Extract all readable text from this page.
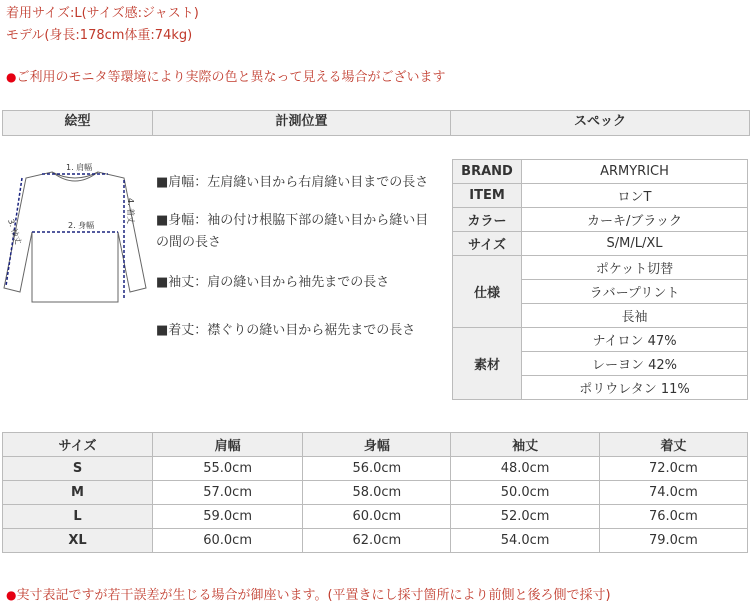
着用サイズ:L(サイズ感:ジャスト)
モデル(身長:178cm体重:74kg)
●ご利用のモニタ等環境により実際の色と異なって見える場合がございます
絵型	計測位置	スペック
1. 肩幅
2. 身幅
3. 袖丈
4. 着丈
■肩幅：左肩縫い目から右肩縫い目までの長さ
■身幅：袖の付け根脇下部の縫い目から縫い目
の間の長さ
■袖丈：肩の縫い目から袖先までの長さ
■着丈：襟ぐりの縫い目から裾先までの長さ
BRAND	ARMYRICH
ITEM	ロンT
カラー	カーキ/ブラック
サイズ	S/M/L/XL
仕様	ポケット切替
	ラバープリント
	長袖
素材	ナイロン 47%
	レーヨン 42%
	ポリウレタン 11%
サイズ	肩幅	身幅	袖丈	着丈
S	55.0cm	56.0cm	48.0cm	72.0cm
M	57.0cm	58.0cm	50.0cm	74.0cm
L	59.0cm	60.0cm	52.0cm	76.0cm
XL	60.0cm	62.0cm	54.0cm	79.0cm
●実寸表記ですが若干誤差が生じる場合が御座います。(平置きにし採寸箇所により前側と後ろ側で採寸)
